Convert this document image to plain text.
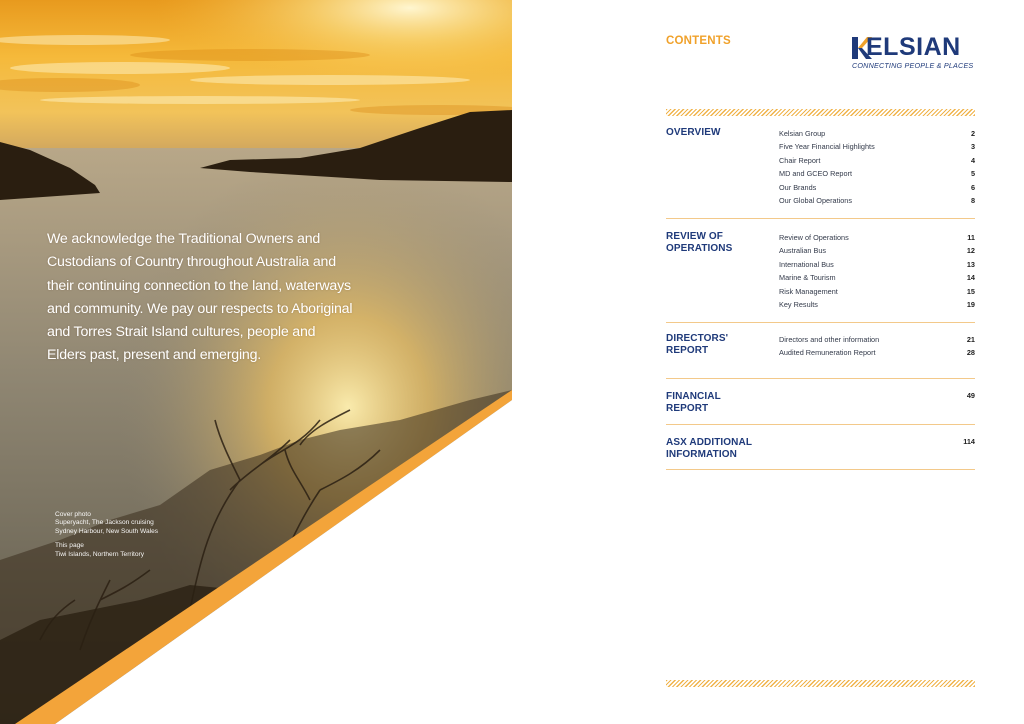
We acknowledge the Traditional Owners and
Custodians of Country throughout Australia and
their continuing connection to the land, waterways
and community. We pay our respects to Aboriginal
and Torres Strait Island cultures, people and
Elders past, present and emerging.
Cover photo
Superyacht, The Jackson cruising
Sydney Harbour, New South Wales
This page
Tiwi Islands, Northern Territory
CONTENTS	ELSIAN
CONNECTING PEOPLE & PLACES
OVERVIEW	Kelsian Group	2
Five Year Financial Highlights	3
Chair Report	4
MD and GCEO Report	5
Our Brands	6
Our Global Operations	8
REVIEW OF
OPERATIONS
Review of Operations	11
Australian Bus	12
International Bus	13
Marine & Tourism	14
Risk Management	15
Key Results	19
DIRECTORS'
REPORT
Directors and other information	21
Audited Remuneration Report	28
FINANCIAL
REPORT
49
ASX ADDITIONAL
INFORMATION
114
